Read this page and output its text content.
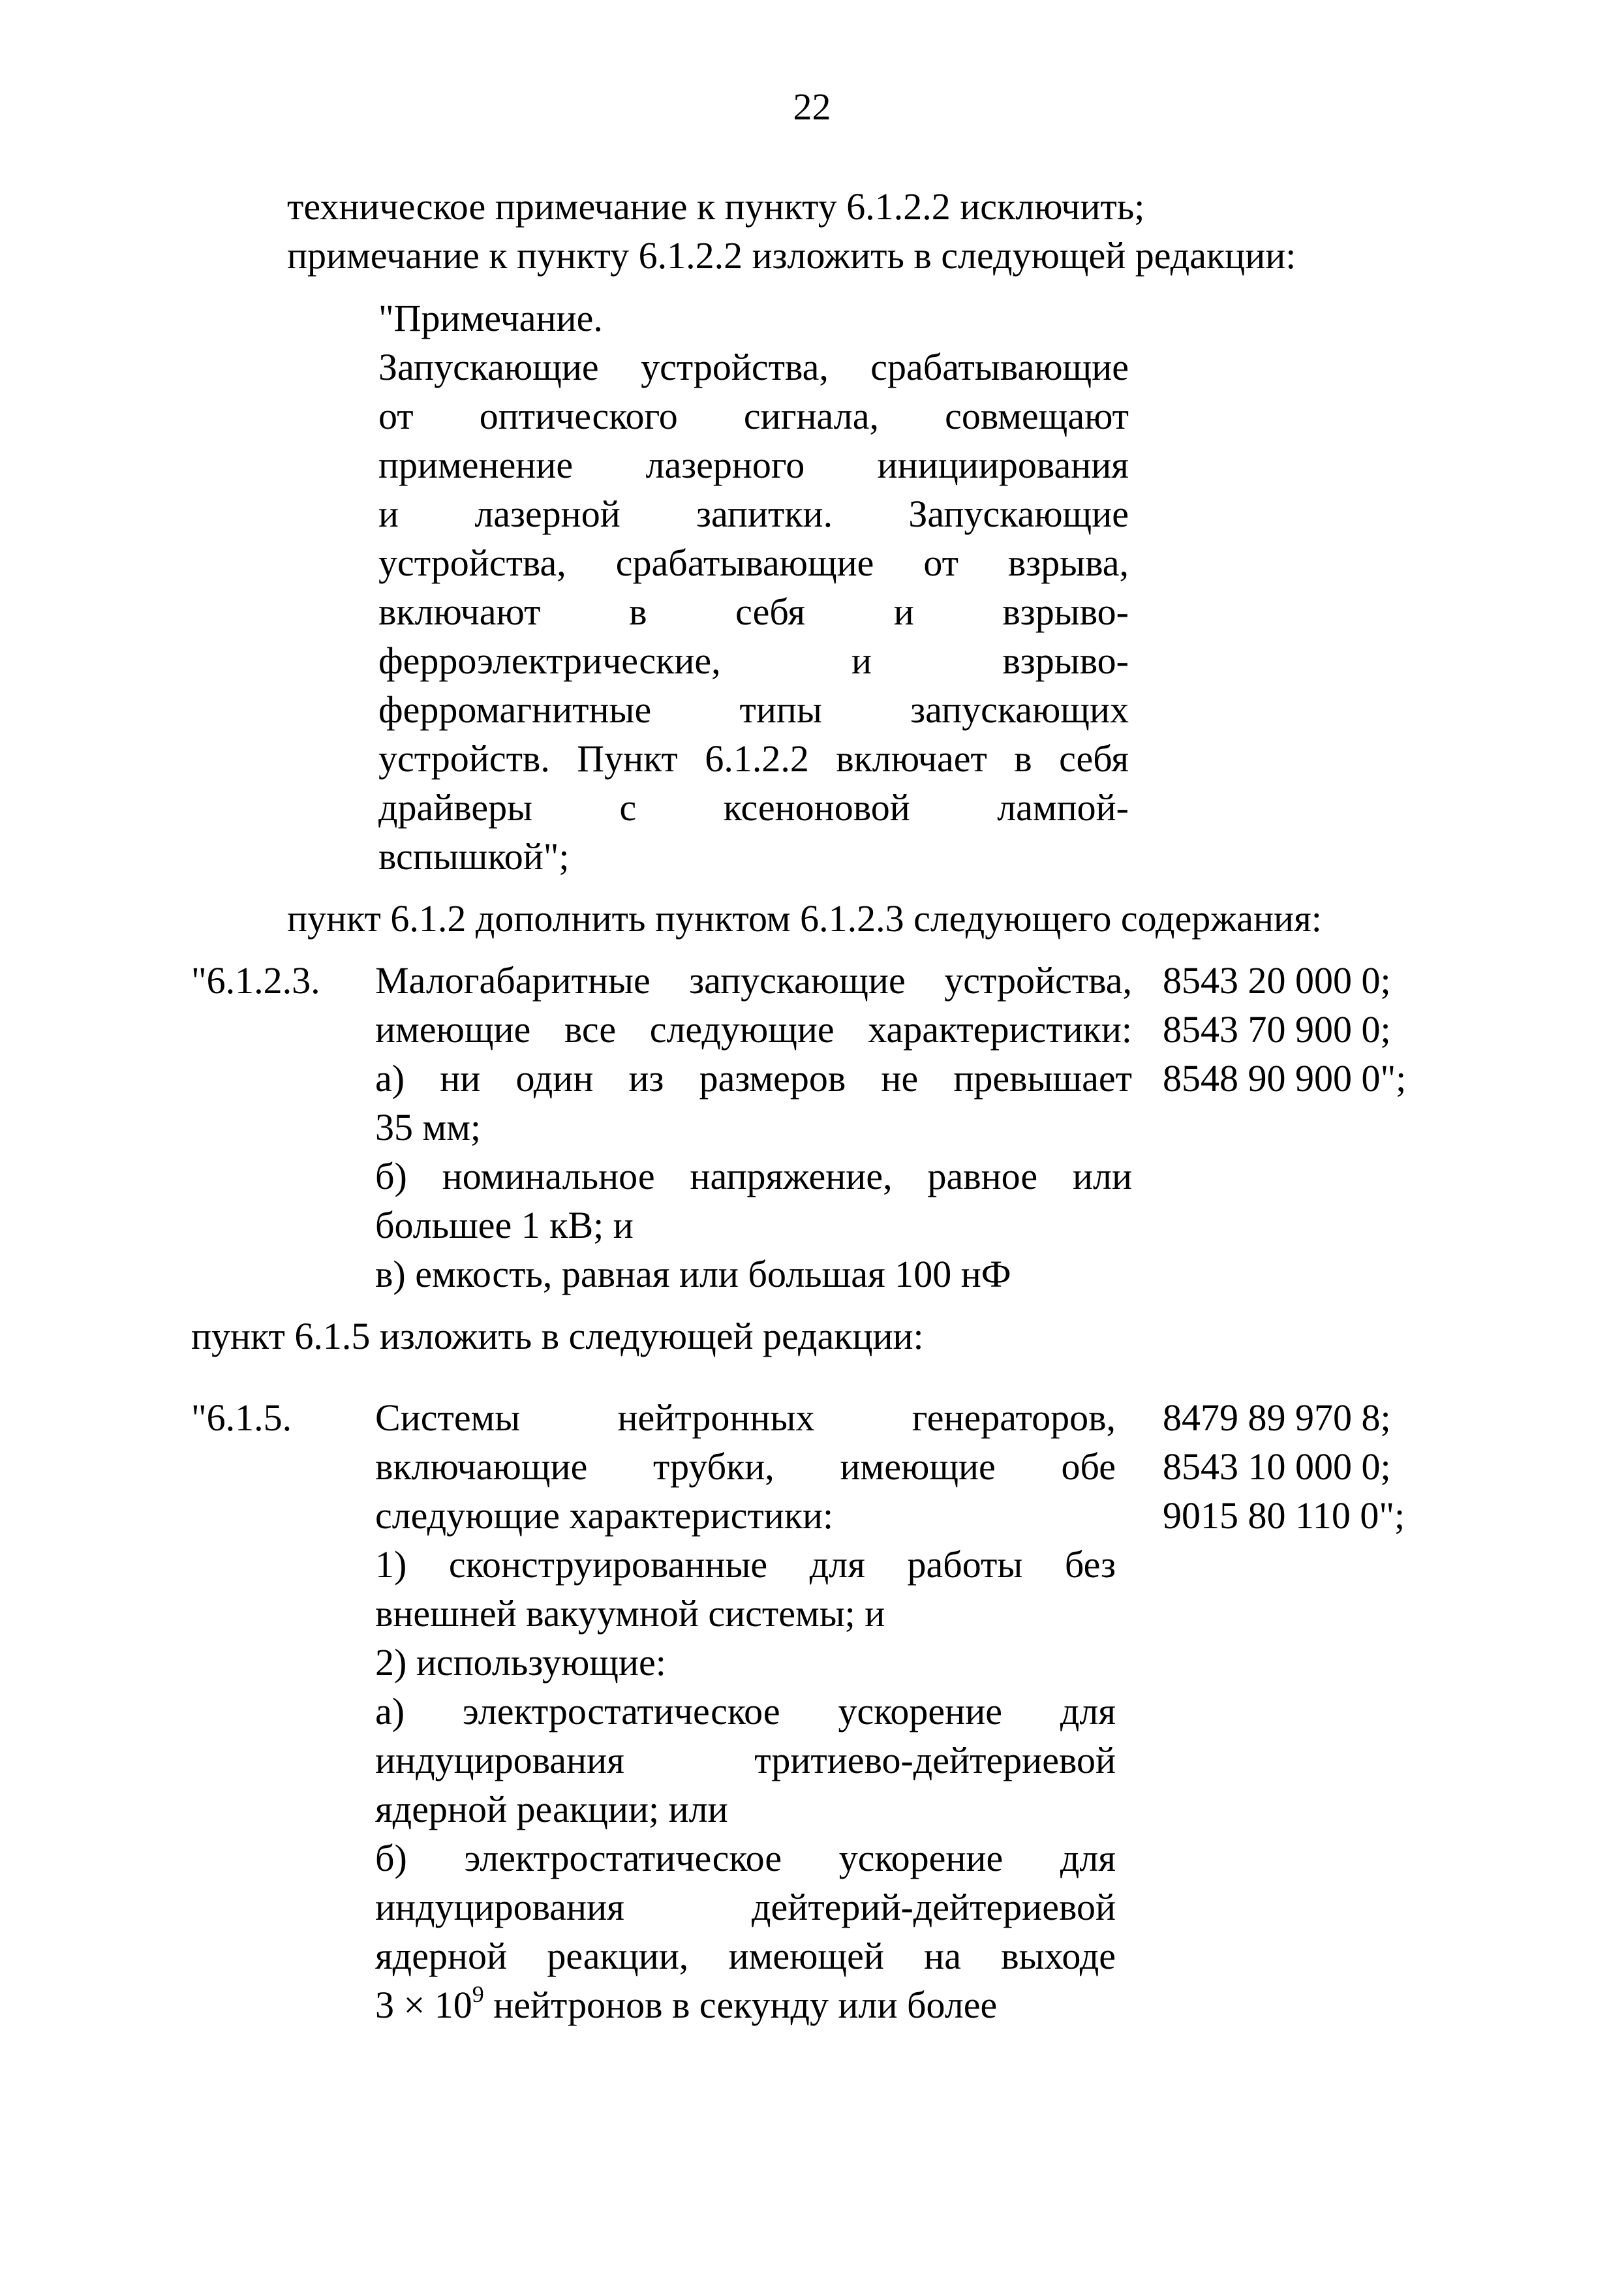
22
техническое примечание к пункту 6.1.2.2 исключить;
примечание к пункту 6.1.2.2 изложить в следующей редакции:
"Примечание.
Запускающие устройства, срабатывающие
от оптического сигнала, совмещают
применение лазерного инициирования
и лазерной запитки. Запускающие
устройства, срабатывающие от взрыва,
включают в себя и взрыво-
ферроэлектрические, и взрыво-
ферромагнитные типы запускающих
устройств. Пункт 6.1.2.2 включает в себя
драйверы с ксеноновой лампой-
вспышкой";
пункт 6.1.2 дополнить пунктом 6.1.2.3 следующего содержания:
"6.1.2.3. Малогабаритные запускающие устройства,
имеющие все следующие характеристики:
а) ни один из размеров не превышает
35 мм;
б) номинальное напряжение, равное или
большее 1 кВ; и
в) емкость, равная или большая 100 нФ
8543 20 000 0;
8543 70 900 0;
8548 90 900 0";
пункт 6.1.5 изложить в следующей редакции:
"6.1.5. Системы нейтронных генераторов,
включающие трубки, имеющие обе
следующие характеристики:
1) сконструированные для работы без
внешней вакуумной системы; и
2) использующие:
а) электростатическое ускорение для
индуцирования тритиево-дейтериевой
ядерной реакции; или
б) электростатическое ускорение для
индуцирования дейтерий-дейтериевой
ядерной реакции, имеющей на выходе
$3 \times 10^9$ нейтронов в секунду или более
8479 89 970 8;
8543 10 000 0;
9015 80 110 0";
